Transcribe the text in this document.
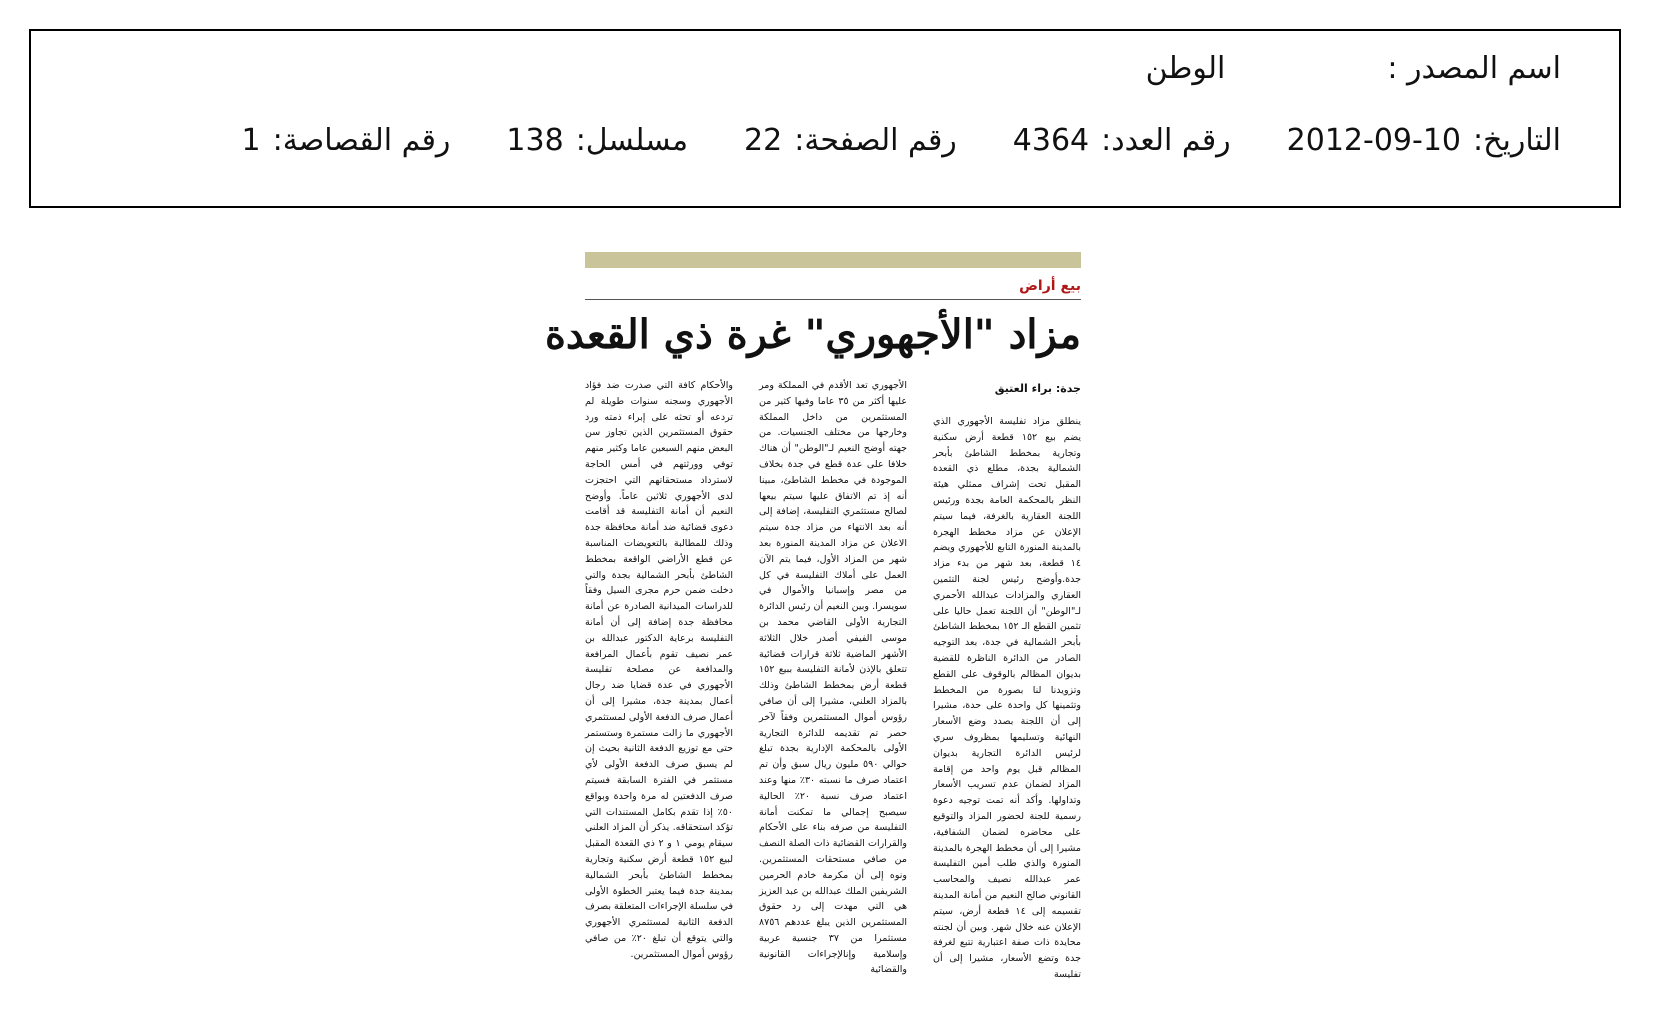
اسم المصدر :
الوطن
التاريخ:
2012-09-10
رقم العدد:
4364
رقم الصفحة:
22
مسلسل:
138
رقم القصاصة:
1
بيع أراض
مزاد "الأجهوري" غرة ذي القعدة
جدة: براء العتيق
ينطلق مزاد تفليسة الأجهوري الذي يضم بيع ١٥٢ قطعة أرض سكنية وتجارية بمخطط الشاطئ بأبحر الشمالية بجدة، مطلع ذي القعدة المقبل تحت إشراف ممثلي هيئة النظر بالمحكمة العامة بجدة ورئيس اللجنة العقارية بالغرفة، فيما سيتم الإعلان عن مزاد مخطط الهجرة بالمدينة المنورة التابع للأجهوري ويضم ١٤ قطعة، بعد شهر من بدء مزاد جدة.وأوضح رئيس لجنة التثمين العقاري والمزادات عبدالله الأحمري لـ"الوطن" أن اللجنة تعمل حاليا على تثمين القطع الـ ١٥٢ بمخطط الشاطئ بأبحر الشمالية في جدة، بعد التوجيه الصادر من الدائرة الناظرة للقضية بديوان المظالم بالوقوف على القطع وتزويدنا لنا بصورة من المخطط وتثمينها كل واحدة على حدة، مشيرا إلى أن اللجنة بصدد وضع الأسعار النهائية وتسليمها بمظروف سري لرئيس الدائرة التجارية بديوان المظالم قبل يوم واحد من إقامة المزاد لضمان عدم تسريب الأسعار وتداولها. وأكد أنه تمت توجيه دعوة رسمية للجنة لحضور المزاد والتوقيع على محاضره لضمان الشفافية، مشيرا إلى أن مخطط الهجرة بالمدينة المنورة والذي طلب أمين التفليسة عمر عبدالله نصيف والمحاسب القانوني صالح النعيم من أمانة المدينة تقسيمه إلى ١٤ قطعة أرض، سيتم الإعلان عنه خلال شهر. وبين أن لجنته محايدة ذات صفة اعتبارية تتبع لغرفة جدة وتضع الأسعار، مشيرا إلى أن تفليسة
الأجهوري تعد الأقدم في المملكة ومر عليها أكثر من ٣٥ عاما وفيها كثير من المستثمرين من داخل المملكة وخارجها من مختلف الجنسيات. من جهته أوضح النعيم لـ"الوطن" أن هناك خلافا على عدة قطع في جدة بخلاف الموجودة في مخطط الشاطئ، مبينا أنه إذ تم الاتفاق عليها سيتم بيعها لصالح مستثمري التفليسة، إضافة إلى أنه بعد الانتهاء من مزاد جدة سيتم الاعلان عن مزاد المدينة المنورة بعد شهر من المزاد الأول، فيما يتم الآن العمل على أملاك التفليسة في كل من مصر وإسبانيا والأموال في سويسرا. وبين النعيم أن رئيس الدائرة التجارية الأولى القاضي محمد بن موسى الفيفي أصدر خلال الثلاثة الأشهر الماضية ثلاثة قرارات قضائية تتعلق بالإذن لأمانة التفليسة ببيع ١٥٢ قطعة أرض بمخطط الشاطئ وذلك بالمزاد العلني، مشيرا إلى أن صافي رؤوس أموال المستثمرين وفقاً لآخر حصر تم تقديمه للدائرة التجارية الأولى بالمحكمة الإدارية بجدة تبلغ حوالي ٥٩٠ مليون ريال سبق وأن تم اعتماد صرف ما نسبته ٣٠٪ منها وعند اعتماد صرف نسبة ٢٠٪ الحالية سيصبح إجمالي ما تمكنت أمانة التفليسة من صرفه بناء على الأحكام والقرارات القضائية ذات الصلة النصف من صافي مستحقات المستثمرين. ونوه إلى أن مكرمة خادم الحرمين الشريفين الملك عبدالله بن عبد العزيز هي التي مهدت إلى رد حقوق المستثمرين الذين يبلغ عددهم ٨٧٥٦ مستثمرا من ٣٧ جنسية عربية وإسلامية وإنالإجراءات القانونية والقضائية
والأحكام كافة التي صدرت ضد فؤاد الأجهوري وسجنه سنوات طويلة لم تردعه أو تحثه على إبراء ذمته ورد حقوق المستثمرين الذين تجاوز سن البعض منهم السبعين عاما وكثير منهم توفي وورثتهم في أمس الحاجة لاسترداد مستحقاتهم التي احتجزت لدى الأجهوري ثلاثين عاماً. وأوضح النعيم أن أمانة التفليسة قد أقامت دعوى قضائية ضد أمانة محافظة جدة وذلك للمطالبة بالتعويضات المناسبة عن قطع الأراضي الواقعة بمخطط الشاطئ بأبحر الشمالية بجدة والتي دخلت ضمن حرم مجرى السيل وفقاً للدراسات الميدانية الصادرة عن أمانة محافظة جدة إضافة إلى أن أمانة التفليسة برعاية الدكتور عبدالله بن عمر نصيف تقوم بأعمال المرافعة والمدافعة عن مصلحة تفليسة الأجهوري في عدة قضايا ضد رجال أعمال بمدينة جدة، مشيرا إلى أن أعمال صرف الدفعة الأولى لمستثمري الأجهوري ما زالت مستمرة وستستمر حتى مع توزيع الدفعة الثانية بحيث إن لم يسبق صرف الدفعة الأولى لأي مستثمر في الفترة السابقة فسيتم صرف الدفعتين له مرة واحدة وبواقع ٥٠٪ إذا تقدم بكامل المستندات التي تؤكد استحقاقه. يذكر أن المزاد العلني سيقام يومي ١ و ٢ ذي القعدة المقبل لبيع ١٥٢ قطعة أرض سكنية وتجارية بمخطط الشاطئ بأبحر الشمالية بمدينة جدة فيما يعتبر الخطوة الأولى في سلسلة الإجراءات المتعلقة بصرف الدفعة الثانية لمستثمري الأجهوري والتي يتوقع أن تبلغ ٢٠٪ من صافي رؤوس أموال المستثمرين.
